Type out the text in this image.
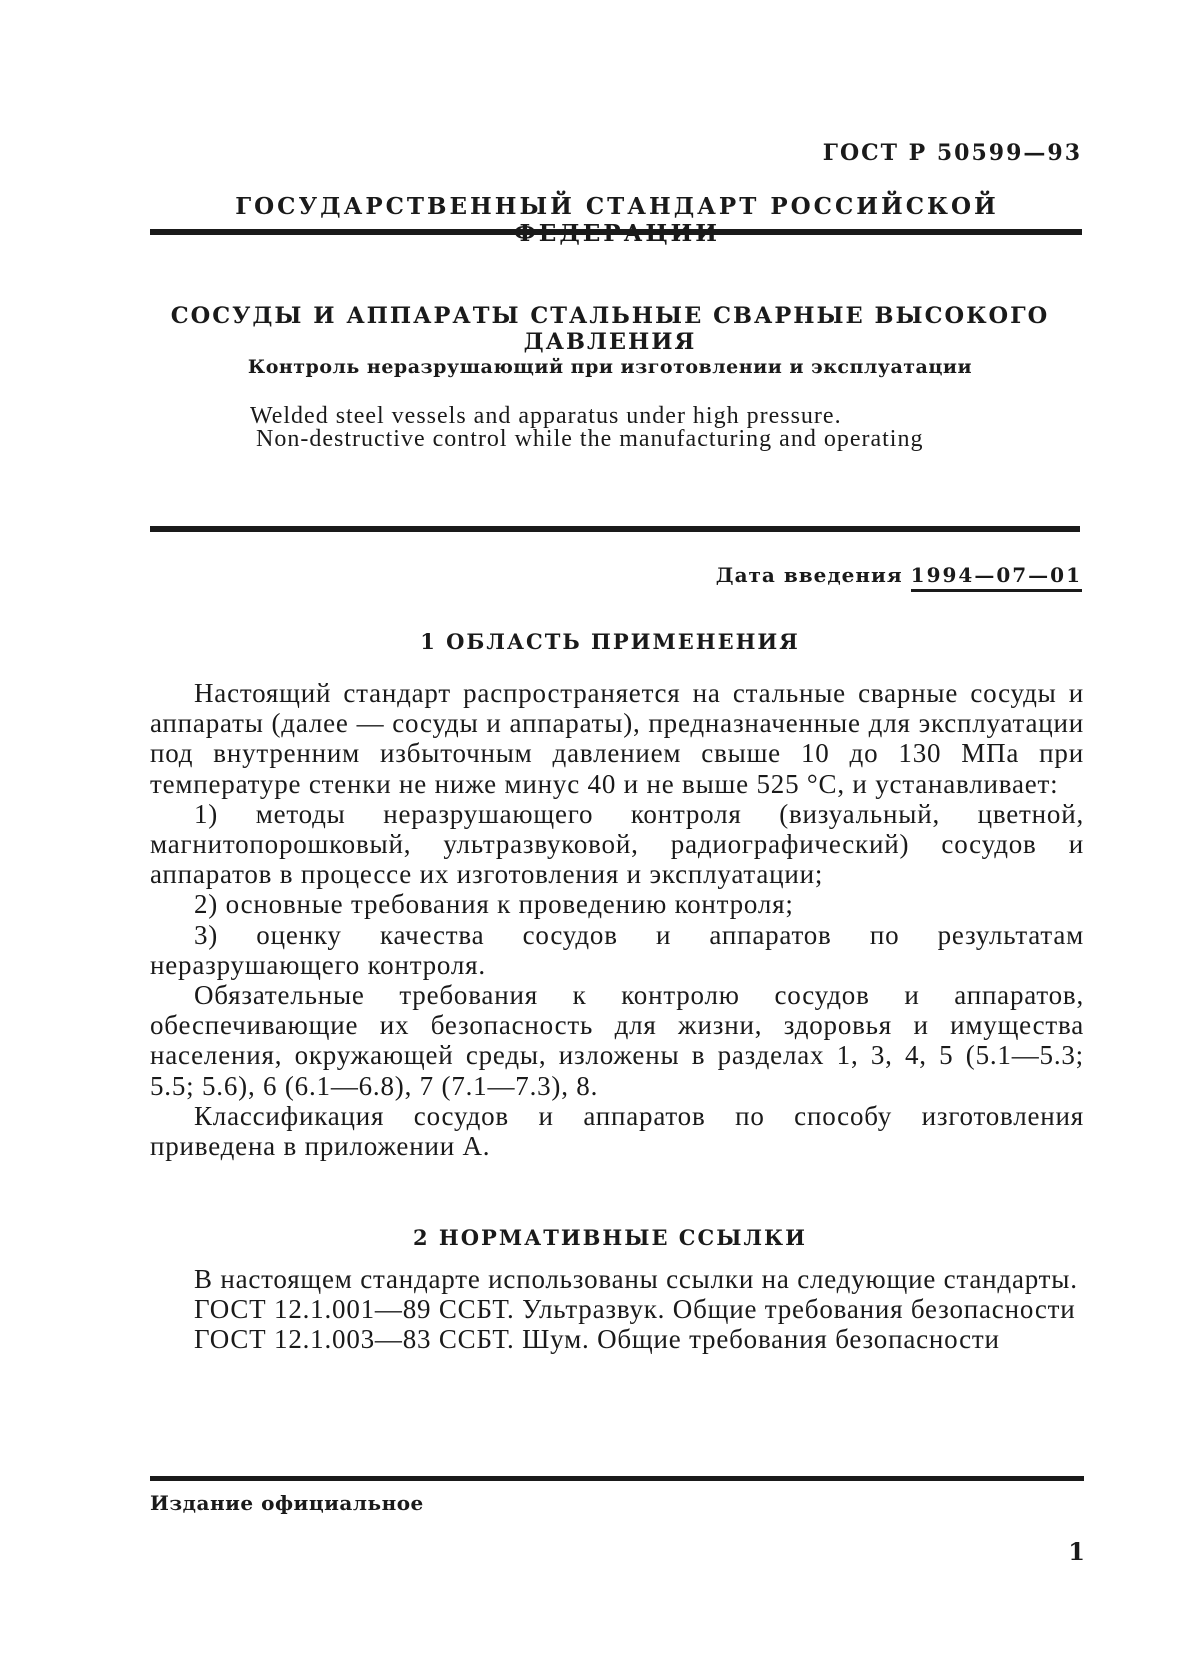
ГОСТ Р 50599—93
ГОСУДАРСТВЕННЫЙ СТАНДАРТ РОССИЙСКОЙ
СОСУДЫ И АППАРАТЫ СТАЛЬНЫЕ СВАРНЫЕ ВЫСОКОГО ДАВЛЕНИЯ
Контроль неразрушающий при изготовлении и эксплуатации
Welded steel vessels and apparatus under high pressure.
Non-destructive control while the manufacturing and operating
Дата введения 1994—07—01
1 ОБЛАСТЬ ПРИМЕНЕНИЯ

Настоящий стандарт распространяется на стальные сварные сосуды и аппараты (далее — сосуды и аппараты), предназначенные для эксплуатации под внутренним избыточным давлением свыше 10 до 130 МПа при температуре стенки не ниже минус 40 и не выше 525 °С, и устанавливает:

1) методы неразрушающего контроля (визуальный, цветной, магнитопорошковый, ультразвуковой, радиографический) сосудов и аппаратов в процессе их изготовления и эксплуатации;

2) основные требования к проведению контроля;

3) оценку качества сосудов и аппаратов по результатам неразрушающего контроля.

Обязательные требования к контролю сосудов и аппаратов, обеспечивающие их безопасность для жизни, здоровья и имущества населения, окружающей среды, изложены в разделах 1, 3, 4, 5 (5.1—5.3; 5.5; 5.6), 6 (6.1—6.8), 7 (7.1—7.3), 8.

Классификация сосудов и аппаратов по способу изготовления приведена в приложении А.

2 НОРМАТИВНЫЕ ССЫЛКИ

В настоящем стандарте использованы ссылки на следующие стандарты.

ГОСТ 12.1.001—89 ССБТ. Ультразвук. Общие требования безопасности

ГОСТ 12.1.003—83 ССБТ. Шум. Общие требования безопасности

Издание официальное
1
